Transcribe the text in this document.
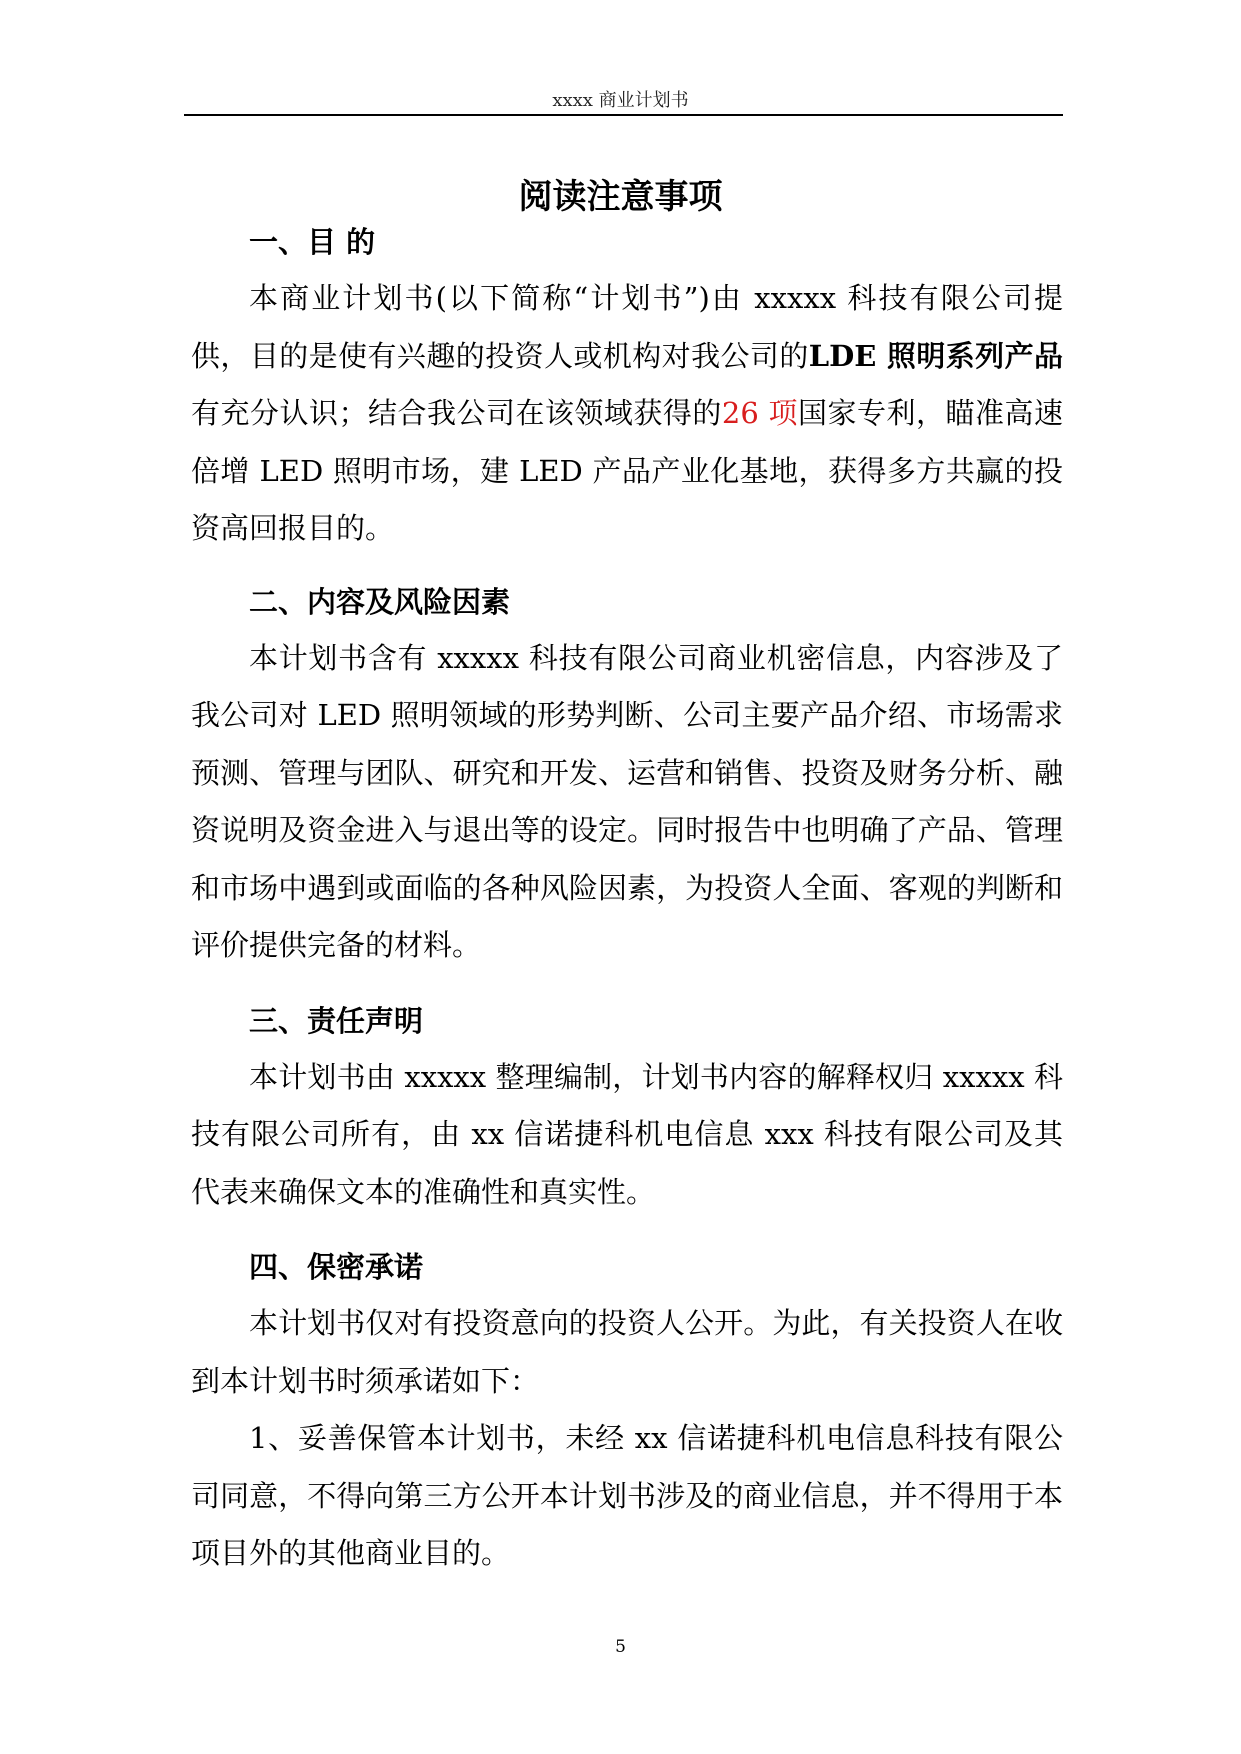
xxxx 商业计划书
阅读注意事项
一、目 的

本商业计划书(以下简称“计划书”)由 xxxxx 科技有限公司提供，目的是使有兴趣的投资人或机构对我公司的LDE 照明系列产品有充分认识；结合我公司在该领域获得的26 项国家专利，瞄准高速倍增 LED 照明市场，建 LED 产品产业化基地，获得多方共赢的投资高回报目的。

二、内容及风险因素

本计划书含有 xxxxx 科技有限公司商业机密信息，内容涉及了我公司对 LED 照明领域的形势判断、公司主要产品介绍、市场需求预测、管理与团队、研究和开发、运营和销售、投资及财务分析、融资说明及资金进入与退出等的设定。同时报告中也明确了产品、管理和市场中遇到或面临的各种风险因素，为投资人全面、客观的判断和评价提供完备的材料。

三、责任声明

本计划书由 xxxxx 整理编制，计划书内容的解释权归 xxxxx 科技有限公司所有，由 xx 信诺捷科机电信息 xxx 科技有限公司及其代表来确保文本的准确性和真实性。

四、保密承诺

本计划书仅对有投资意向的投资人公开。为此，有关投资人在收到本计划书时须承诺如下：

1、妥善保管本计划书，未经 xx 信诺捷科机电信息科技有限公司同意，不得向第三方公开本计划书涉及的商业信息，并不得用于本项目外的其他商业目的。

5
